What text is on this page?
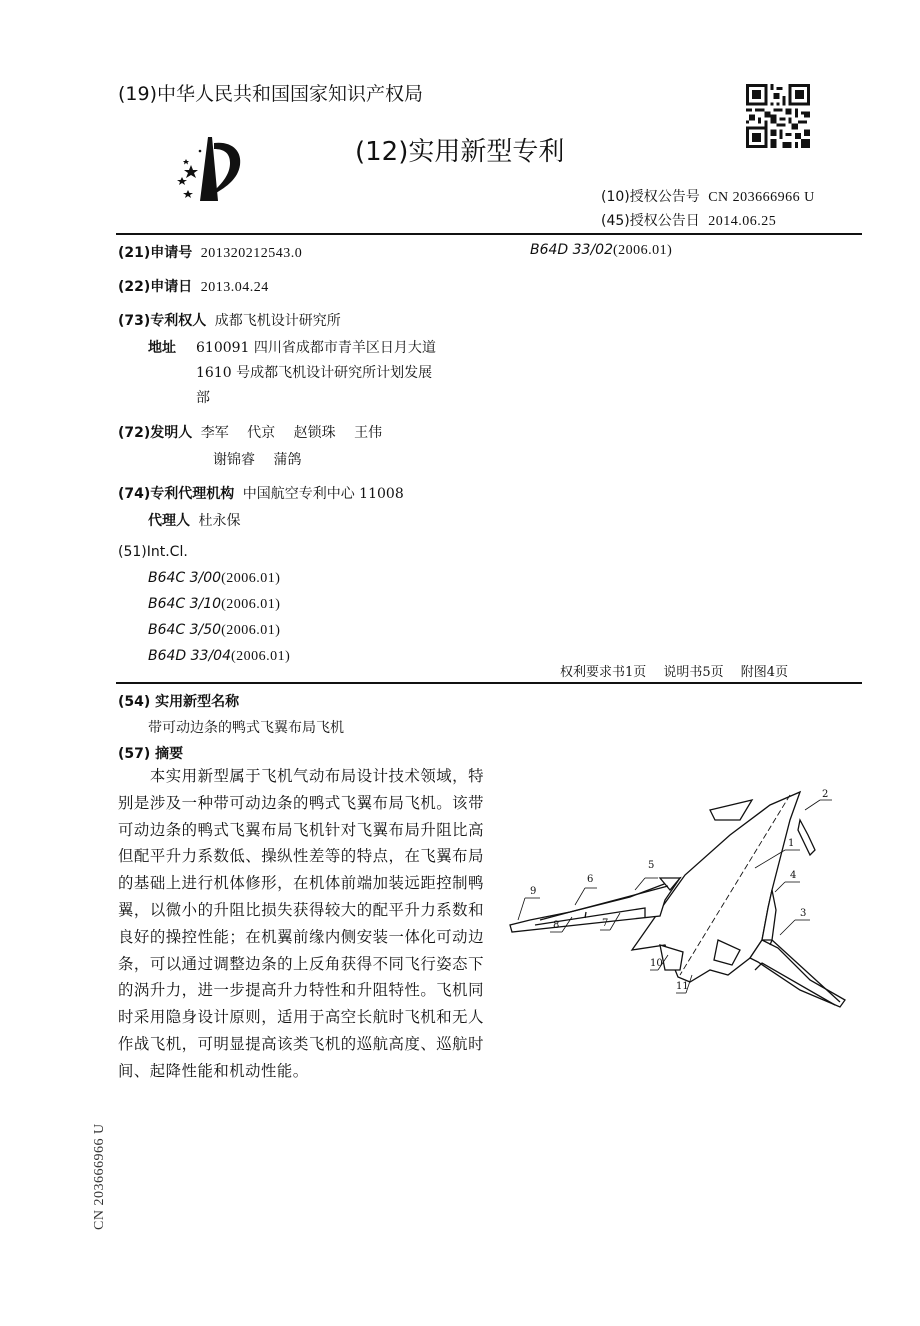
(19)中华人民共和国国家知识产权局
(12)实用新型专利
(10)授权公告号 CN 203666966 U
(45)授权公告日 2014.06.25
(21)申请号 201320212543.0	B64D 33/02(2006.01)
(22)申请日 2013.04.24
(73)专利权人 成都飞机设计研究所
地址 610091 四川省成都市青羊区日月大道
1610 号成都飞机设计研究所计划发展
部
(72)发明人 李军　 代京　 赵锁珠　 王伟
谢锦睿　 蒲鸽
(74)专利代理机构 中国航空专利中心 11008
代理人 杜永保
(51)Int.Cl.
B64C 3/00(2006.01)
B64C 3/10(2006.01)
B64C 3/50(2006.01)
B64D 33/04(2006.01)
权利要求书1页　 说明书5页　 附图4页
(54) 实用新型名称
带可动边条的鸭式飞翼布局飞机
(57) 摘要

　　本实用新型属于飞机气动布局设计技术领域，特别是涉及一种带可动边条的鸭式飞翼布局飞机。该带可动边条的鸭式飞翼布局飞机针对飞翼布局升阻比高但配平升力系数低、操纵性差等的特点，在飞翼布局的基础上进行机体修形，在机体前端加装远距控制鸭翼，以微小的升阻比损失获得较大的配平升力系数和良好的操控性能；在机翼前缘内侧安装一体化可动边条，可以通过调整边条的上反角获得不同飞行姿态下的涡升力，进一步提高升力特性和升阻特性。飞机同时采用隐身设计原则，适用于高空长航时飞机和无人作战飞机，可明显提高该类飞机的巡航高度、巡航时间、起降性能和机动性能。

1
2
3
4
5
6
7
8
9
10
11
CN 203666966 U
